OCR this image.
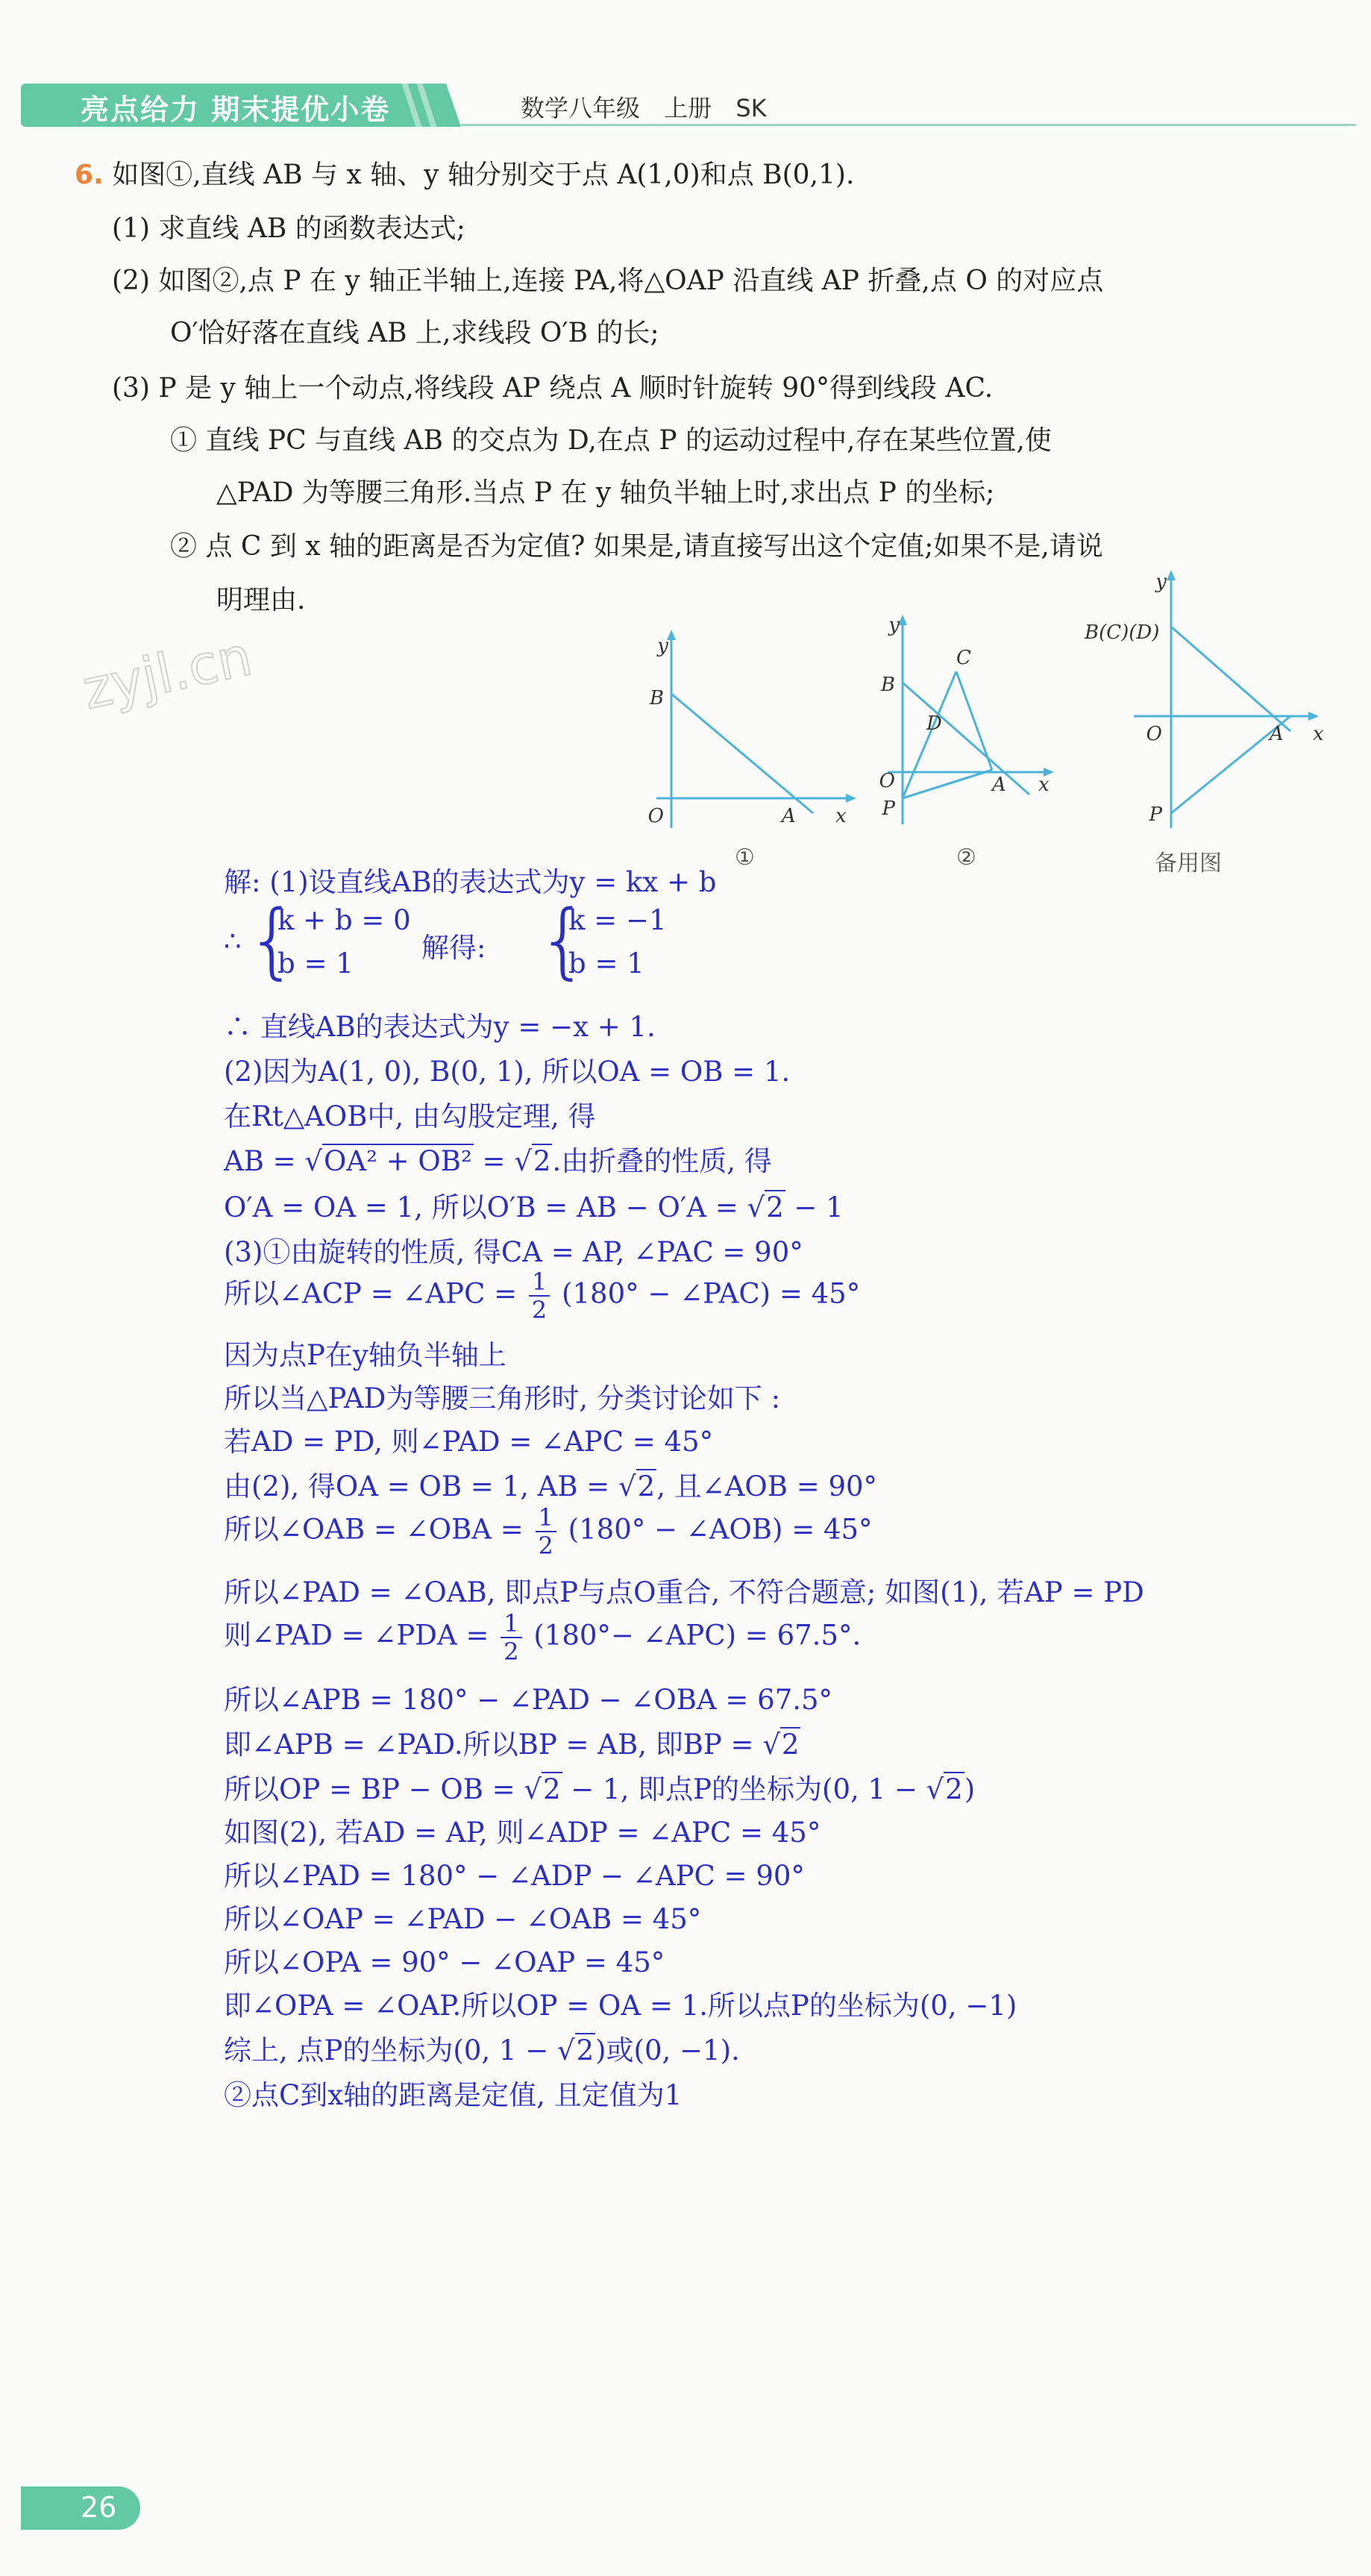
亮点给力 期末提优小卷	数学八年级 上册 SK
6. 如图①,直线 AB 与 x 轴、y 轴分别交于点 A(1,0)和点 B(0,1).
(1) 求直线 AB 的函数表达式;
(2) 如图②,点 P 在 y 轴正半轴上,连接 PA,将△OAP 沿直线 AP 折叠,点 O 的对应点
O′恰好落在直线 AB 上,求线段 O′B 的长;
(3) P 是 y 轴上一个动点,将线段 AP 绕点 A 顺时针旋转 90°得到线段 AC.
① 直线 PC 与直线 AB 的交点为 D,在点 P 的运动过程中,存在某些位置,使
△PAD 为等腰三角形.当点 P 在 y 轴负半轴上时,求出点 P 的坐标;
② 点 C 到 x 轴的距离是否为定值? 如果是,请直接写出这个定值;如果不是,请说
明理由.
zyjl.cn	y
B
O	A x
①
y
B
C
D
O
P
A x
②
y
B(C)(D)
O	A x
P
备用图
解: (1)设直线AB的表达式为y = kx + b
∴ {
k + b = 0
b = 1 解得: {
k = −1
b = 1
∴ 直线AB的表达式为y = −x + 1.
(2)因为A(1, 0), B(0, 1), 所以OA = OB = 1.
在Rt△AOB中, 由勾股定理, 得
AB = √OA² + OB² = √2.由折叠的性质, 得
O′A = OA = 1, 所以O′B = AB − O′A = √2 − 1
(3)①由旋转的性质, 得CA = AP, ∠PAC = 90°
所以∠ACP = ∠APC = $\frac{1}{2} (180^\circ$ − ∠PAC) = 45°
因为点P在y轴负半轴上
所以当△PAD为等腰三角形时, 分类讨论如下 :
若AD = PD, 则∠PAD = ∠APC = 45°
由(2), 得OA = OB = 1, AB = √2, 且∠AOB = 90°
所以∠OAB = ∠OBA = $\frac{1}{2} (180^\circ$ − ∠AOB) = 45°
所以∠PAD = ∠OAB, 即点P与点O重合, 不符合题意; 如图(1), 若AP = PD
则∠PAD = ∠PDA = $\frac{1}{2} (180^\circ-$ ∠APC) = 67.5°.
所以∠APB = 180° − ∠PAD − ∠OBA = 67.5°
即∠APB = ∠PAD.所以BP = AB, 即BP = √2
所以OP = BP − OB = √2 − 1, 即点P的坐标为(0, 1 − √2)
如图(2), 若AD = AP, 则∠ADP = ∠APC = 45°
所以∠PAD = 180° − ∠ADP − ∠APC = 90°
所以∠OAP = ∠PAD − ∠OAB = 45°
所以∠OPA = 90° − ∠OAP = 45°
即∠OPA = ∠OAP.所以OP = OA = 1.所以点P的坐标为(0, −1)
综上, 点P的坐标为(0, 1 − √2)或(0, −1).
②点C到x轴的距离是定值, 且定值为1
26
